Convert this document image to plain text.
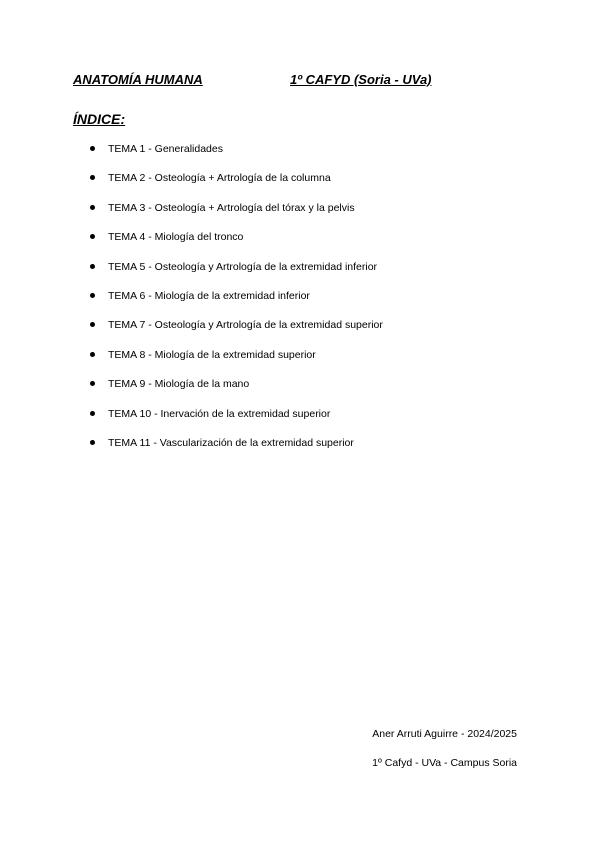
ANATOMÍA HUMANA	1º CAFYD (Soria - UVa)
ÍNDICE:
TEMA 1 - Generalidades
TEMA 2 - Osteología + Artrología de la columna
TEMA 3 - Osteología + Artrología del tórax y la pelvis
TEMA 4 - Miología del tronco
TEMA 5 - Osteología y Artrología de la extremidad inferior
TEMA 6 - Miología de la extremidad inferior
TEMA 7 - Osteología y Artrología de la extremidad superior
TEMA 8 - Miología de la extremidad superior
TEMA 9 - Miología de la mano
TEMA 10 - Inervación de la extremidad superior
TEMA 11 - Vascularización de la extremidad superior
Aner Arruti Aguirre - 2024/2025
1º Cafyd - UVa - Campus Soria
